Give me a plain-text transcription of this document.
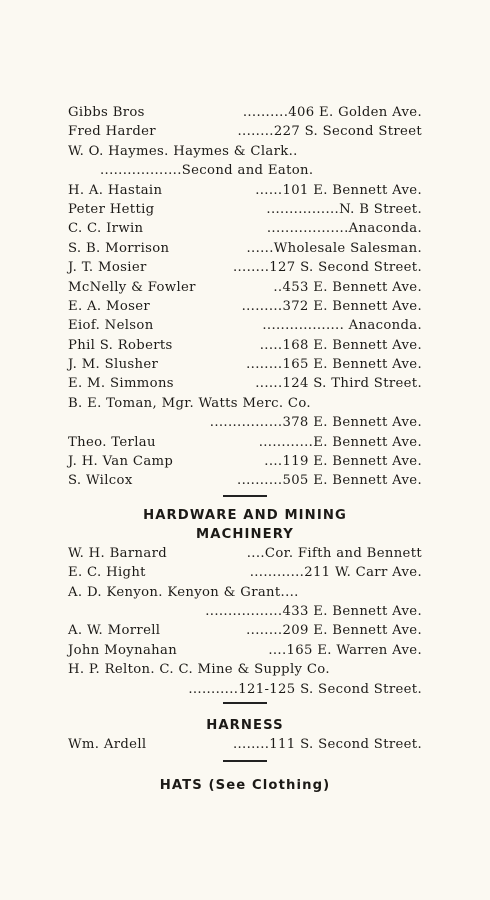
Gibbs Bros	..........406 E. Golden Ave.
Fred Harder	........227 S. Second Street
W. O. Haymes. Haymes & Clark..
..................Second and Eaton.
H. A. Hastain	......101 E. Bennett Ave.
Peter Hettig	................N. B Street.
C. C. Irwin	..................Anaconda.
S. B. Morrison	......Wholesale Salesman.
J. T. Mosier	........127 S. Second Street.
McNelly & Fowler	..453 E. Bennett Ave.
E. A. Moser	.........372 E. Bennett Ave.
Eiof. Nelson	.................. Anaconda.
Phil S. Roberts	.....168 E. Bennett Ave.
J. M. Slusher	........165 E. Bennett Ave.
E. M. Simmons	......124 S. Third Street.
B. E. Toman, Mgr. Watts Merc. Co.
................378 E. Bennett Ave.
Theo. Terlau	............E. Bennett Ave.
J. H. Van Camp	....119 E. Bennett Ave.
S. Wilcox	..........505 E. Bennett Ave.
HARDWARE AND MINING
MACHINERY
W. H. Barnard	....Cor. Fifth and Bennett
E. C. Hight	............211 W. Carr Ave.
A. D. Kenyon. Kenyon & Grant....
.................433 E. Bennett Ave.
A. W. Morrell	........209 E. Bennett Ave.
John Moynahan	....165 E. Warren Ave.
H. P. Relton. C. C. Mine & Supply Co.
...........121-125 S. Second Street.
HARNESS
Wm. Ardell	........111 S. Second Street.
HATS (See Clothing)
